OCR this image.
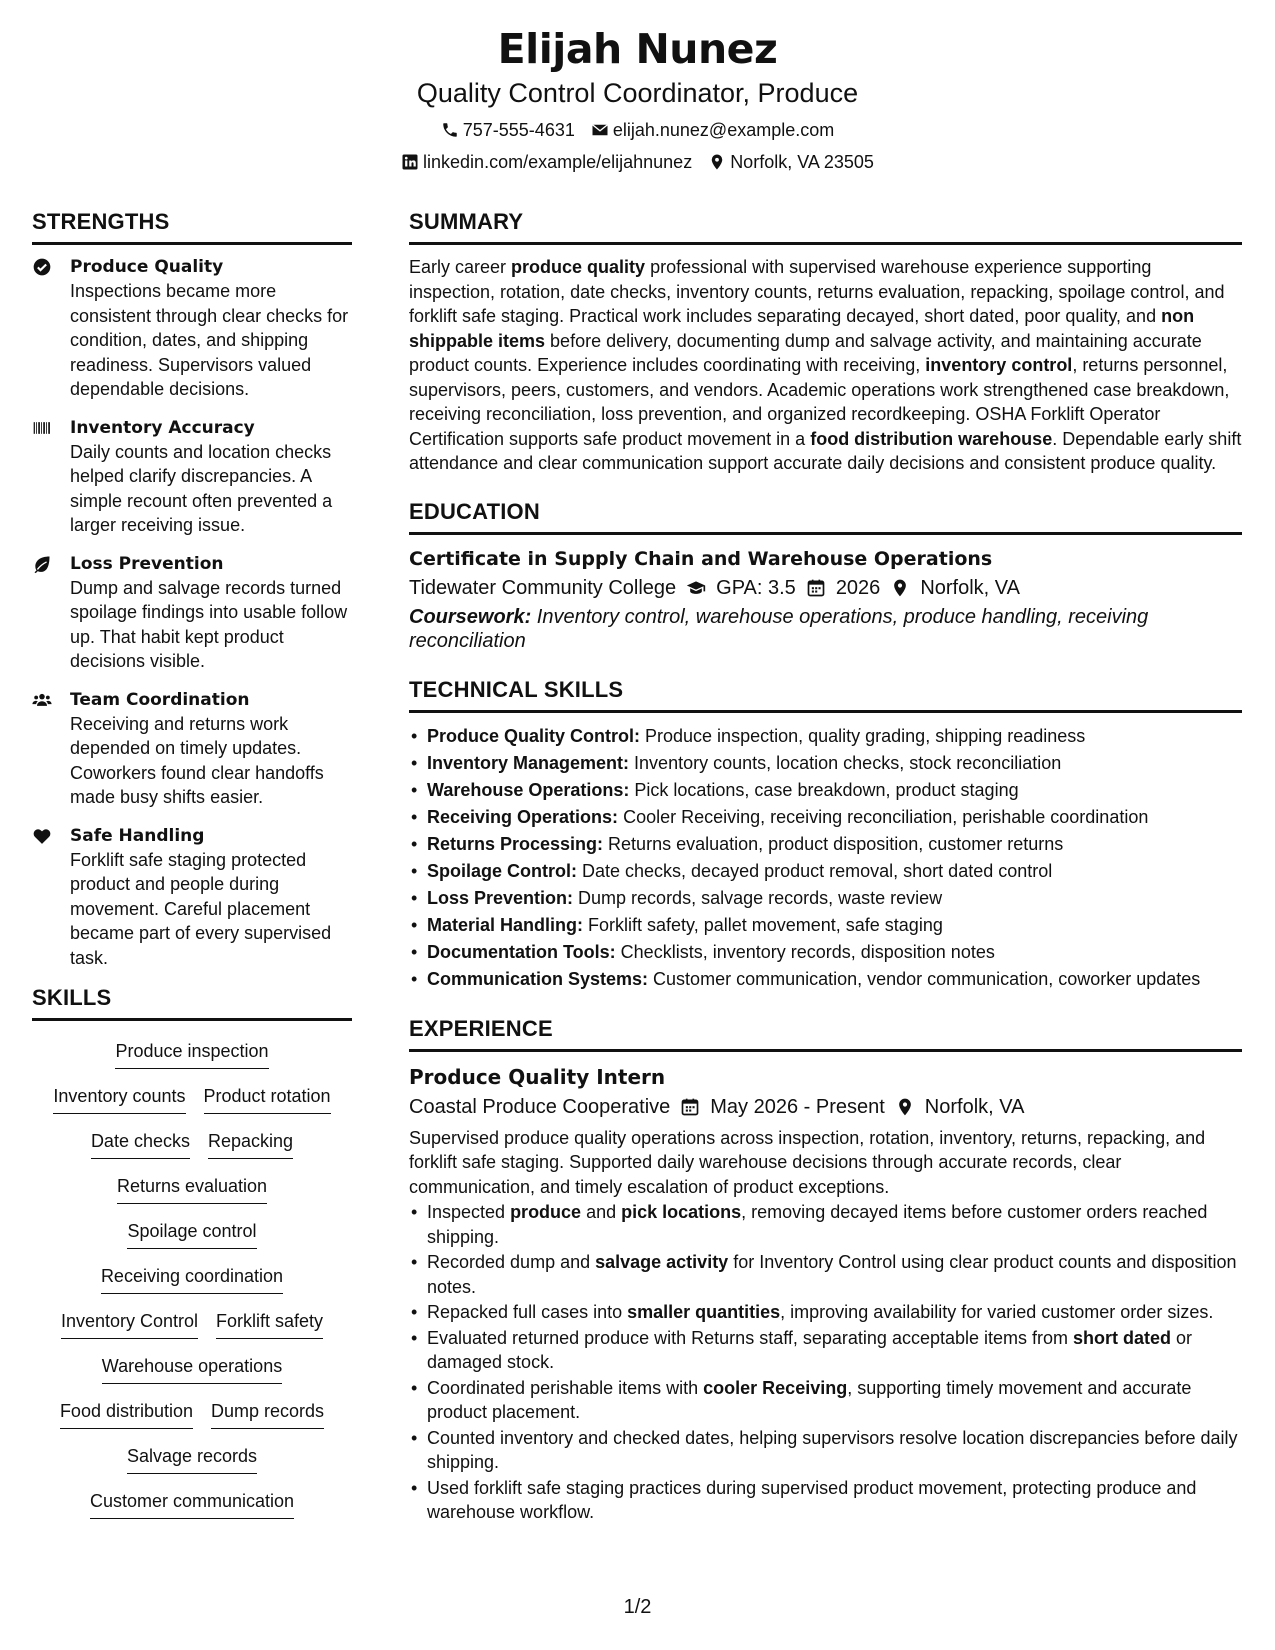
Elijah Nunez
Quality Control Coordinator, Produce
757-555-4631 elijah.nunez@example.com
linkedin.com/example/elijahnunez Norfolk, VA 23505
STRENGTHS
Produce Quality
Inspections became more consistent through clear checks for condition, dates, and shipping readiness. Supervisors valued dependable decisions.
Inventory Accuracy
Daily counts and location checks helped clarify discrepancies. A simple recount often prevented a larger receiving issue.
Loss Prevention
Dump and salvage records turned spoilage findings into usable follow up. That habit kept product decisions visible.
Team Coordination
Receiving and returns work depended on timely updates. Coworkers found clear handoffs made busy shifts easier.
Safe Handling
Forklift safe staging protected product and people during movement. Careful placement became part of every supervised task.
SKILLS
Produce inspection
Inventory counts Product rotation
Date checks Repacking
Returns evaluation
Spoilage control
Receiving coordination
Inventory Control Forklift safety
Warehouse operations
Food distribution Dump records
Salvage records
Customer communication
SUMMARY
Early career produce quality professional with supervised warehouse experience supporting inspection, rotation, date checks, inventory counts, returns evaluation, repacking, spoilage control, and forklift safe staging. Practical work includes separating decayed, short dated, poor quality, and non shippable items before delivery, documenting dump and salvage activity, and maintaining accurate product counts. Experience includes coordinating with receiving, inventory control, returns personnel, supervisors, peers, customers, and vendors. Academic operations work strengthened case breakdown, receiving reconciliation, loss prevention, and organized recordkeeping. OSHA Forklift Operator Certification supports safe product movement in a food distribution warehouse. Dependable early shift attendance and clear communication support accurate daily decisions and consistent produce quality.
EDUCATION
Certificate in Supply Chain and Warehouse Operations
Tidewater Community College GPA: 3.5 2026 Norfolk, VA
Coursework: Inventory control, warehouse operations, produce handling, receiving reconciliation
TECHNICAL SKILLS
• Produce Quality Control: Produce inspection, quality grading, shipping readiness
• Inventory Management: Inventory counts, location checks, stock reconciliation
• Warehouse Operations: Pick locations, case breakdown, product staging
• Receiving Operations: Cooler Receiving, receiving reconciliation, perishable coordination
• Returns Processing: Returns evaluation, product disposition, customer returns
• Spoilage Control: Date checks, decayed product removal, short dated control
• Loss Prevention: Dump records, salvage records, waste review
• Material Handling: Forklift safety, pallet movement, safe staging
• Documentation Tools: Checklists, inventory records, disposition notes
• Communication Systems: Customer communication, vendor communication, coworker updates
EXPERIENCE
Produce Quality Intern
Coastal Produce Cooperative May 2026 - Present Norfolk, VA
Supervised produce quality operations across inspection, rotation, inventory, returns, repacking, and forklift safe staging. Supported daily warehouse decisions through accurate records, clear communication, and timely escalation of product exceptions.
• Inspected produce and pick locations, removing decayed items before customer orders reached shipping.
• Recorded dump and salvage activity for Inventory Control using clear product counts and disposition notes.
• Repacked full cases into smaller quantities, improving availability for varied customer order sizes.
• Evaluated returned produce with Returns staff, separating acceptable items from short dated or damaged stock.
• Coordinated perishable items with cooler Receiving, supporting timely movement and accurate product placement.
• Counted inventory and checked dates, helping supervisors resolve location discrepancies before daily shipping.
• Used forklift safe staging practices during supervised product movement, protecting produce and warehouse workflow.
1/2
